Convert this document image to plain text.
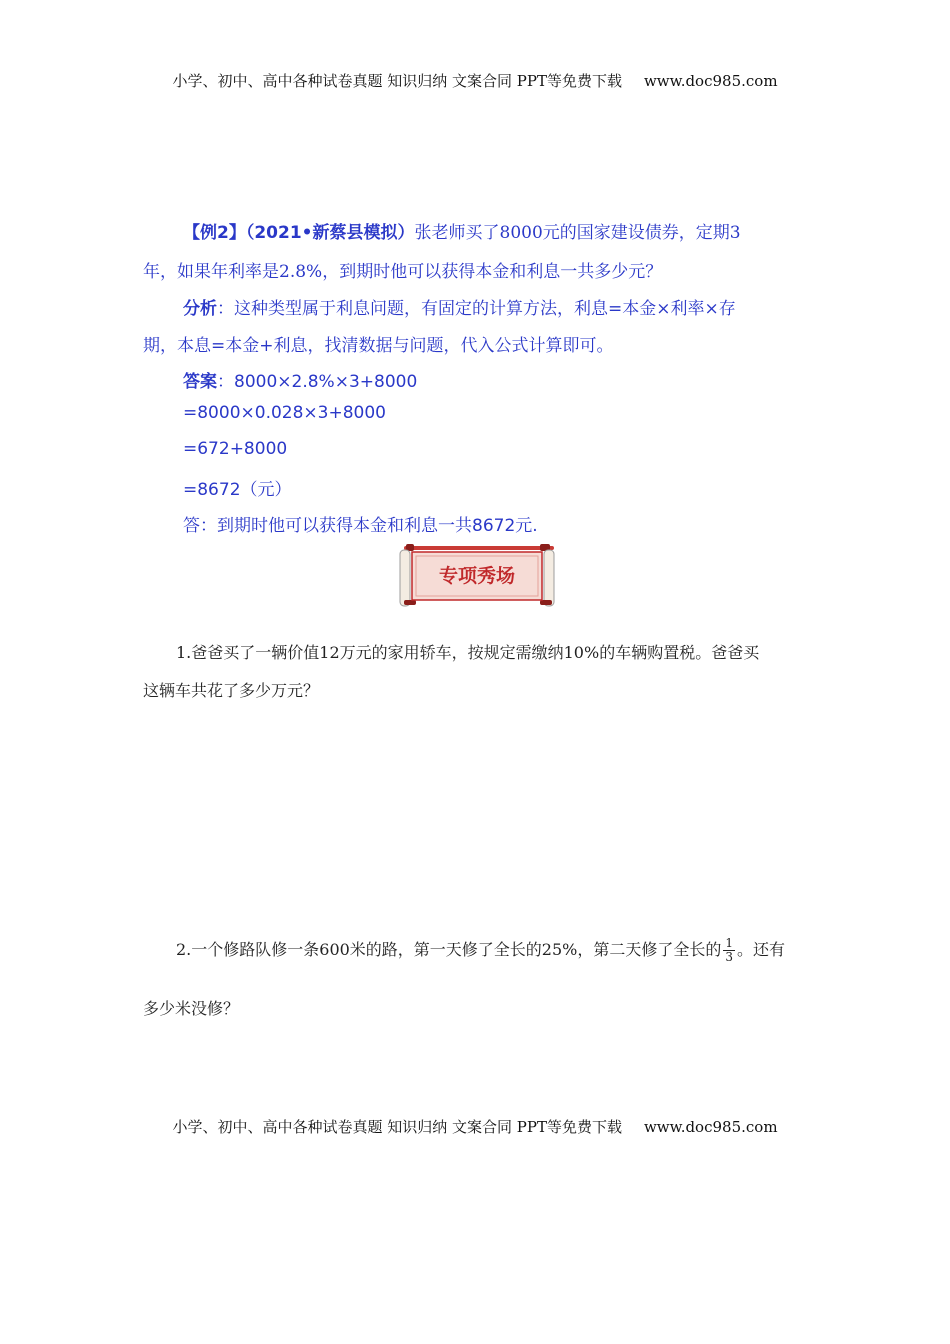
小学、初中、高中各种试卷真题 知识归纳 文案合同 PPT等免费下载 www.doc985.com
【例2】（2021•新蔡县模拟）张老师买了8000元的国家建设债券，定期3
年，如果年利率是2.8%，到期时他可以获得本金和利息一共多少元？
分析：这种类型属于利息问题，有固定的计算方法，利息=本金×利率×存
期，本息=本金+利息，找清数据与问题，代入公式计算即可。
答案：8000×2.8%×3+8000
=8000×0.028×3+8000
=672+8000
=8672（元）
答：到期时他可以获得本金和利息一共8672元.
专项秀场
1.爸爸买了一辆价值12万元的家用轿车，按规定需缴纳10%的车辆购置税。爸爸买
这辆车共花了多少万元？
2.一个修路队修一条600米的路，第一天修了全长的25%，第二天修了全长的 $\frac{1}{3}$ 。还有
多少米没修？
小学、初中、高中各种试卷真题 知识归纳 文案合同 PPT等免费下载 www.doc985.com
